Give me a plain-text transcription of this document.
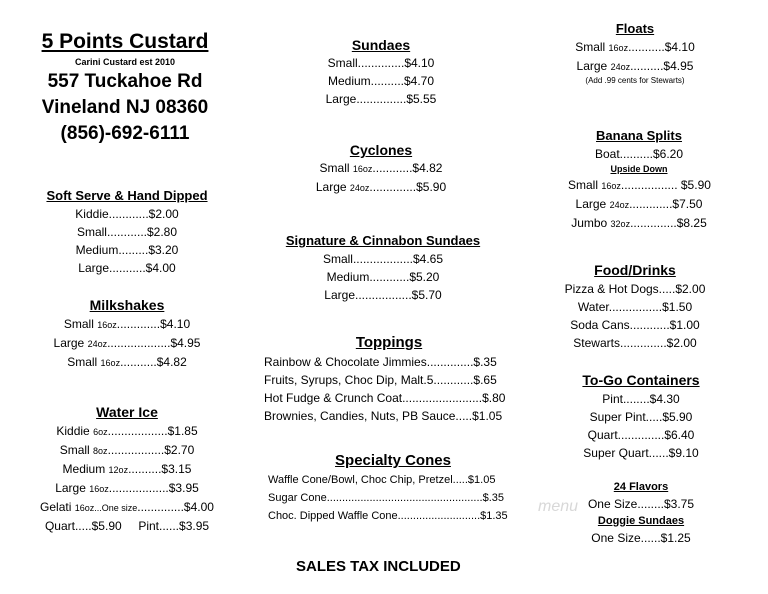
5 Points Custard
Carini Custard est 2010
557 Tuckahoe Rd
Vineland NJ 08360
(856)-692-6111
Soft Serve & Hand Dipped
Kiddie............$2.00
Small............$2.80
Medium.........$3.20
Large...........$4.00
Milkshakes
Small 16oz.............$4.10
Large 24oz...................$4.95
Small 16oz...........$4.82
Water Ice
Kiddie 6oz..................$1.85
Small 8oz.................$2.70
Medium 12oz..........$3.15
Large 16oz..................$3.95
Gelati 16oz...One size..............$4.00
Quart.....$5.90     Pint......$3.95
Sundaes
Small..............$4.10
Medium..........$4.70
Large...............$5.55
Cyclones
Small 16oz............$4.82
Large 24oz..............$5.90
Signature & Cinnabon Sundaes
Small..................$4.65
Medium............$5.20
Large.................$5.70
Toppings
Rainbow & Chocolate Jimmies..............$.35
Fruits, Syrups, Choc Dip, Malt.5............$.65
Hot Fudge & Crunch Coat........................$.80
Brownies, Candies, Nuts, PB Sauce.....$1.05
Specialty Cones
Waffle Cone/Bowl, Choc Chip, Pretzel.....$1.05
Sugar Cone...................................................$.35
Choc. Dipped Waffle Cone...........................$1.35
Floats
Small 16oz...........$4.10
Large 24oz..........$4.95
(Add .99 cents for Stewarts)
Banana Splits
Boat..........$6.20
Upside Down
Small 16oz................. $5.90
Large 24oz.............$7.50
Jumbo 32oz..............$8.25
Food/Drinks
Pizza & Hot Dogs.....$2.00
Water................$1.50
Soda Cans............$1.00
Stewarts..............$2.00
To-Go Containers
Pint........$4.30
Super Pint.....$5.90
Quart..............$6.40
Super Quart......$9.10
24 Flavors
One Size........$3.75
Doggie Sundaes
One Size......$1.25
menu
SALES TAX INCLUDED
